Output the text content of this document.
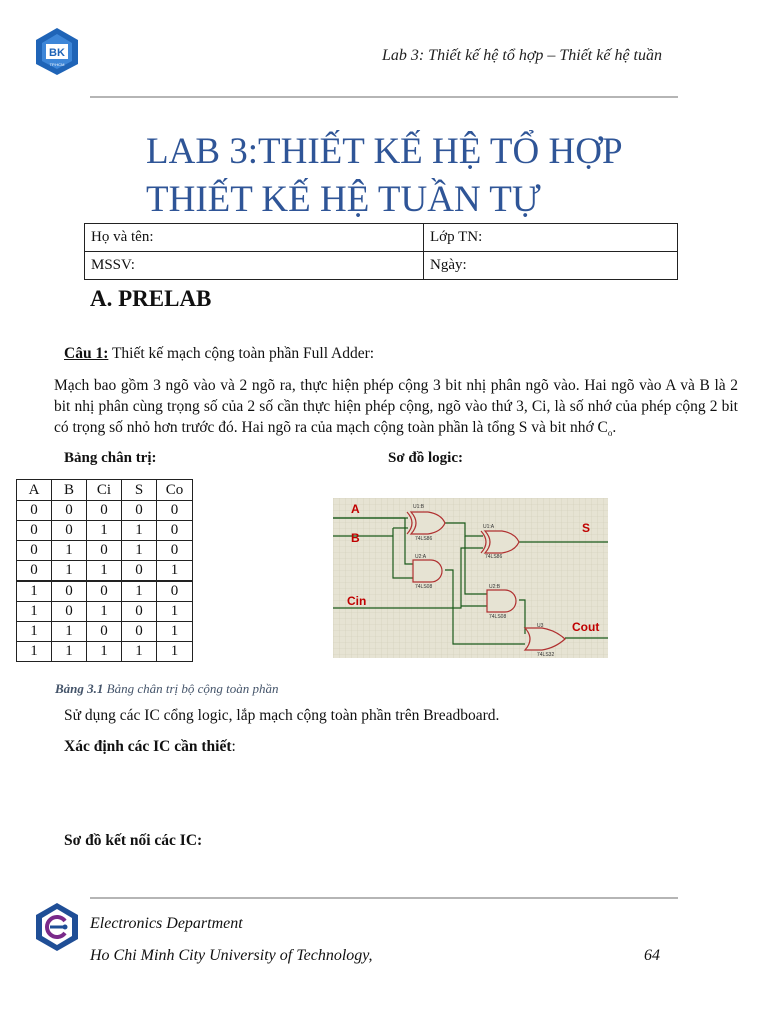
BK
TP.HCM
Lab 3: Thiết kế hệ tổ hợp – Thiết kế hệ tuần
LAB 3:THIẾT KẾ HỆ TỔ HỢP
THIẾT KẾ HỆ TUẦN TỰ
Họ và tên:	Lớp TN:
MSSV:	Ngày:
A. PRELAB
Câu 1: Thiết kế mạch cộng toàn phần Full Adder:
Mạch bao gồm 3 ngõ vào và 2 ngõ ra, thực hiện phép cộng 3 bit nhị phân ngõ vào. Hai ngõ vào A và B là 2 bit nhị phân cùng trọng số của 2 số cần thực hiện phép cộng, ngõ vào thứ 3, Ci, là số nhớ của phép cộng 2 bit có trọng số nhỏ hơn trước đó. Hai ngõ ra của mạch cộng toàn phần là tổng S và bit nhớ $C_o$.
Bảng chân trị:	Sơ đồ logic:
A	B	Ci	S	Co
0	0	0	0	0
0	0	1	1	0
0	1	0	1	0
0	1	1	0	1
1	0	0	1	0
1	0	1	0	1
1	1	0	0	1
1	1	1	1	1
Bảng 3.1 Bảng chân trị bộ cộng toàn phần
U1:B
U1:A
U2:A
U2:B
U3
74LS86
74LS86
74LS08
74LS08
74LS32
A
B
Cin
S
Cout
Sử dụng các IC cổng logic, lắp mạch cộng toàn phần trên Breadboard.
Xác định các IC cần thiết:
Sơ đồ kết nối các IC:
Electronics Department
Ho Chi Minh City University of Technology,	64
